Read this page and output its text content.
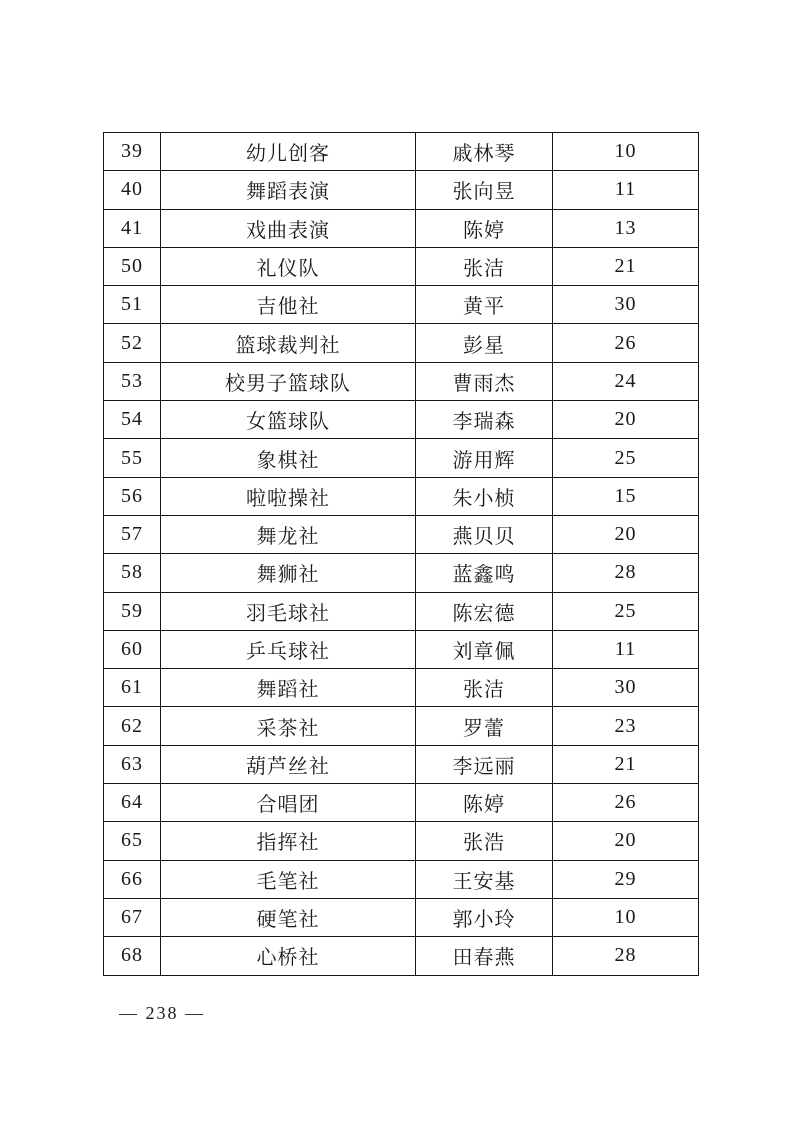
39	幼儿创客	戚林琴	10
40	舞蹈表演	张向昱	11
41	戏曲表演	陈婷	13
50	礼仪队	张洁	21
51	吉他社	黄平	30
52	篮球裁判社	彭星	26
53	校男子篮球队	曹雨杰	24
54	女篮球队	李瑞森	20
55	象棋社	游用辉	25
56	啦啦操社	朱小桢	15
57	舞龙社	燕贝贝	20
58	舞狮社	蓝鑫鸣	28
59	羽毛球社	陈宏德	25
60	乒乓球社	刘章佩	11
61	舞蹈社	张洁	30
62	采茶社	罗蕾	23
63	葫芦丝社	李远丽	21
64	合唱团	陈婷	26
65	指挥社	张浩	20
66	毛笔社	王安基	29
67	硬笔社	郭小玲	10
68	心桥社	田春燕	28
— 238 —
